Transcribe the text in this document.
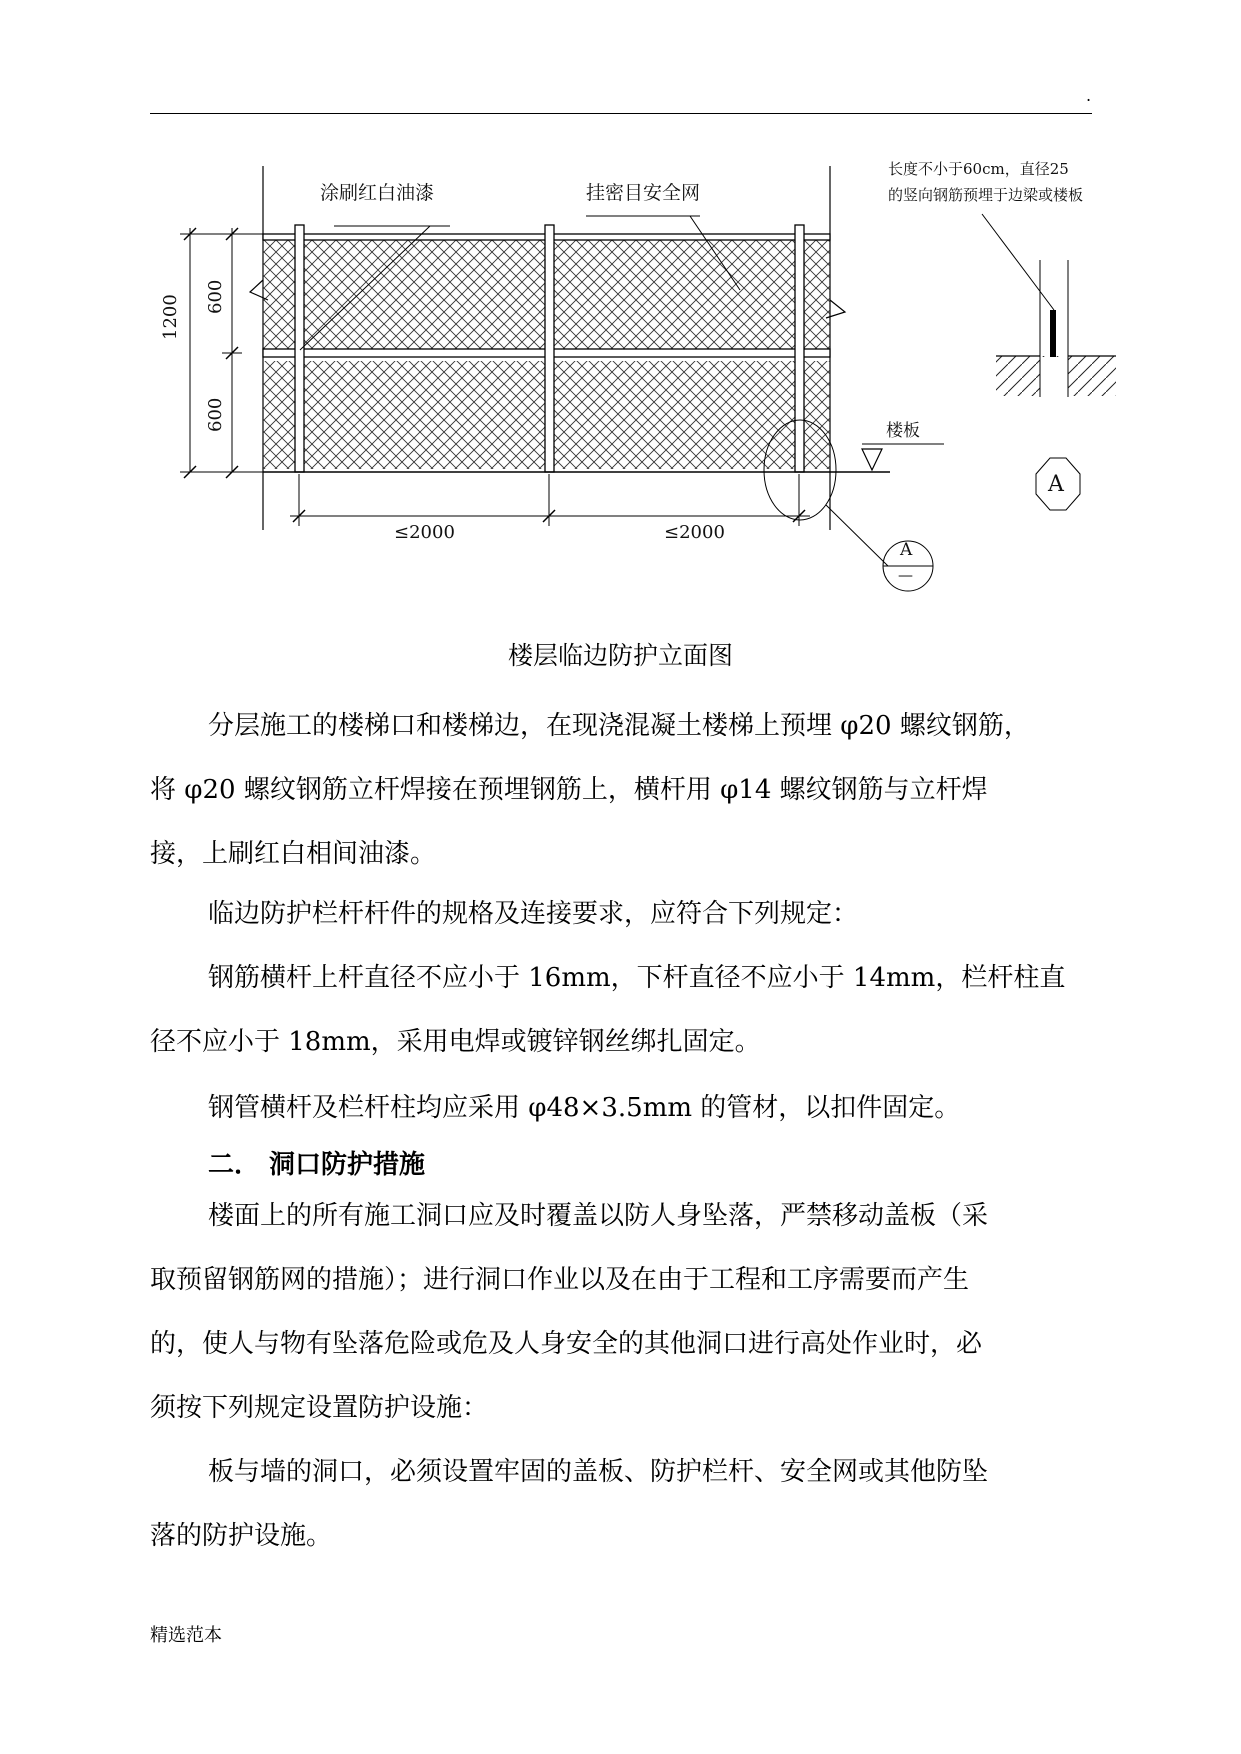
.
涂刷红白油漆	挂密目安全网
长度不小于60cm，直径25
的竖向钢筋预埋于边梁或楼板
1200 600
600
≤2000	≤2000
楼板
A
A
—
楼层临边防护立面图
分层施工的楼梯口和楼梯边，在现浇混凝土楼梯上预埋 φ20 螺纹钢筋，
将 φ20 螺纹钢筋立杆焊接在预埋钢筋上，横杆用 φ14 螺纹钢筋与立杆焊
接，上刷红白相间油漆。
临边防护栏杆杆件的规格及连接要求，应符合下列规定：
钢筋横杆上杆直径不应小于 16mm，下杆直径不应小于 14mm，栏杆柱直
径不应小于 18mm，采用电焊或镀锌钢丝绑扎固定。
钢管横杆及栏杆柱均应采用 φ48×3.5mm 的管材，以扣件固定。
二． 洞口防护措施
楼面上的所有施工洞口应及时覆盖以防人身坠落，严禁移动盖板（采
取预留钢筋网的措施）；进行洞口作业以及在由于工程和工序需要而产生
的，使人与物有坠落危险或危及人身安全的其他洞口进行高处作业时，必
须按下列规定设置防护设施：
板与墙的洞口，必须设置牢固的盖板、防护栏杆、安全网或其他防坠
落的防护设施。
精选范本
